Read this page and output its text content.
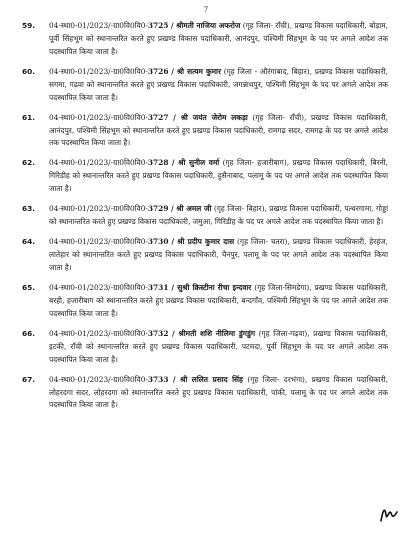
7
59.	04-स्था0-01/2023/-ग्रा0वि0वि0-3725 / श्रीमती नाजिया अफरोज (गृह जिला- राँची), प्रखण्ड विकास पदाधिकारी, बोड़ाम, पूर्वी सिंहभूम को स्थानान्तरित करते हुए प्रखण्ड विकास पदाधिकारी, आनंदपुर, पश्चिमी सिंहभूम के पद पर अगले आदेश तक पदस्थापित किया जाता है।
60.	04-स्था0-01/2023/-ग्रा0वि0वि0-3726 / श्री सत्यम कुमार (गृह जिला - औरंगाबाद, बिहार), प्रखण्ड विकास पदाधिकारी, सगमा, गढ़वा को स्थानान्तरित करते हुए प्रखण्ड विकास पदाधिकारी, जगन्नाथपुर, पश्चिमी सिंहभूम के पद पर अगले आदेश तक पदस्थापित किया जाता है।
61.	04-स्था0-01/2023/-ग्रा0वि0वि0-3727 / श्री जयंत जेरोम लकड़ा (गृह जिला- राँची), प्रखण्ड विकास पदाधिकारी, आनंदपुर, पश्चिमी सिंहभूम को स्थानान्तरित करते हुए प्रखण्ड विकास पदाधिकारी, रामगढ़ सदर, रामगढ़ के पद पर अगले आदेश तक पदस्थापित किया जाता है।
62.	04-स्था0-01/2023/-ग्रा0वि0वि0-3728 / श्री सुनील वर्मा (गृह जिला- हजारीबाग), प्रखण्ड विकास पदाधिकारी, बिरनी, गिरिडीह को स्थानान्तरित करते हुए प्रखण्ड विकास पदाधिकारी, हुसैनाबाद, पलामू के पद पर अगले आदेश तक पदस्थापित किया जाता है।
63.	04-स्था0-01/2023/-ग्रा0वि0वि0-3729 / श्री अमल जी (गृह जिला- बिहार), प्रखण्ड विकास पदाधिकारी, पत्थरगामा, गोड्डा को स्थानान्तरित करते हुए प्रखण्ड विकास पदाधिकारी, जमुआ, गिरिडीह के पद पर अगले आदेश तक पदस्थापित किया जाता है।
64.	04-स्था0-01/2023/-ग्रा0वि0वि0-3730 / श्री प्रदीप कुमार दास (गृह जिला- चतरा), प्रखण्ड विकास पदाधिकारी, हेरहंज, लातेहार को स्थानान्तरित करते हुए प्रखण्ड विकास पदाधिकारी, चैनपुर, पलामू के पद पर अगले आदेश तक पदस्थापित किया जाता है।
65.	04-स्था0-01/2023/-ग्रा0वि0वि0-3731 / सुश्री क्रिस्टीना रीचा इन्दवार (गृह जिला-सिमडेगा), प्रखण्ड विकास पदाधिकारी, बरही, हजारीबाग को स्थानान्तरित करते हुए प्रखण्ड विकास पदाधिकारी, बन्दगाँव, पश्चिमी सिंहभूम के पद पर अगले आदेश तक पदस्थापित किया जाता है।
66.	04-स्था0-01/2023/-ग्रा0वि0वि0-3732 / श्रीमती शशि नीलिमा डुंगडुंग (गृह जिला-गढ़वा), प्रखण्ड विकास पदाधिकारी, इटकी, राँची को स्थानान्तरित करते हुए प्रखण्ड विकास पदाधिकारी, पटमदा, पूर्वी सिंहभूम के पद पर अगले आदेश तक पदस्थापित किया जाता है।
67.	04-स्था0-01/2023/-ग्रा0वि0वि0-3733 / श्री ललित प्रसाद सिंह (गृह जिला- दरभंगा), प्रखण्ड विकास पदाधिकारी, लोहरदगा सदर, लोहरदगा को स्थानान्तरित करते हुए प्रखण्ड विकास पदाधिकारी, पांकी, पलामू के पद पर अगले आदेश तक पदस्थापित किया जाता है।
